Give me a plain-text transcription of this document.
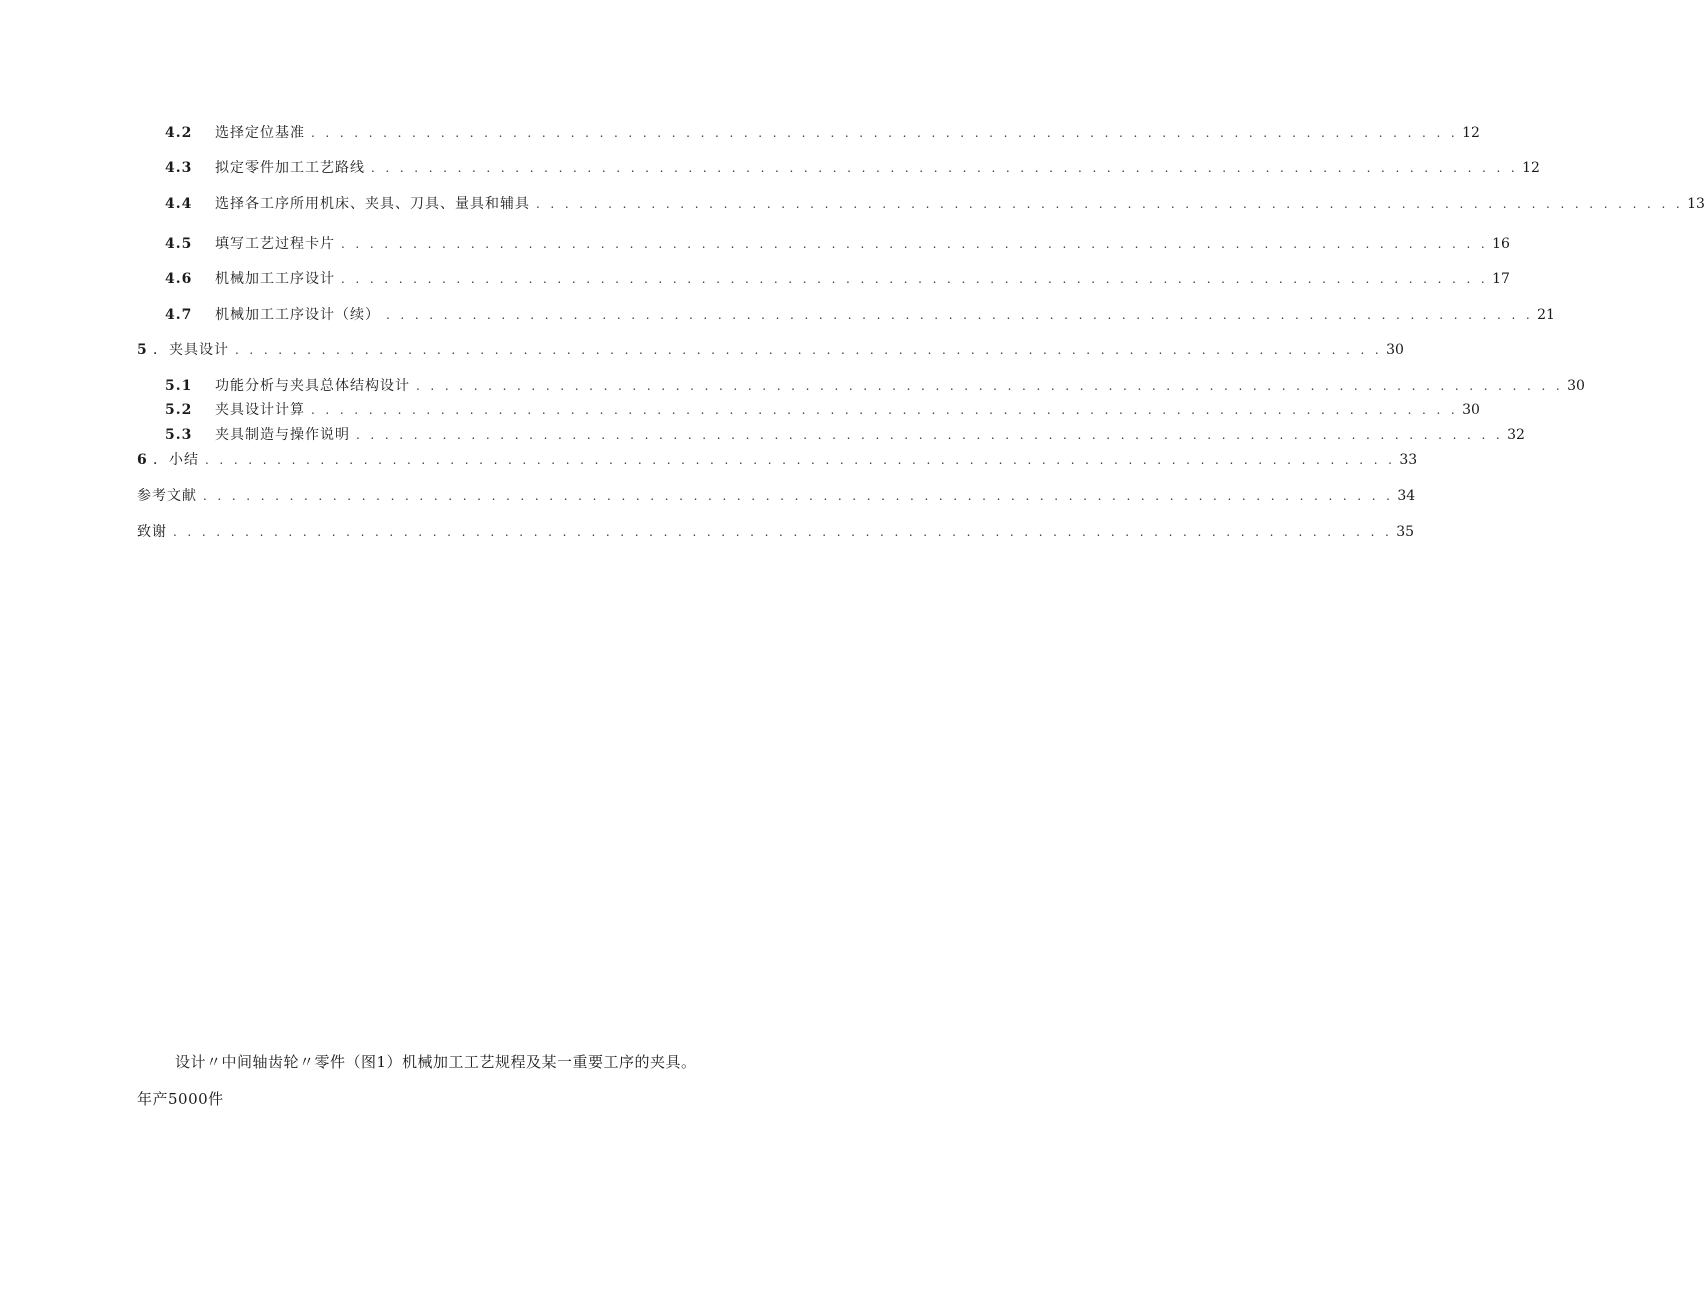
4.2	选择定位基准 . . . . . . . . . . . . . . . . . . . . . . . . . . . . . . . . . . . . . . . . . . . . . . . . . . . . . . . . . . . . . . . . . . . . . . . . . . . . . . . . 12
4.3	拟定零件加工工艺路线 . . . . . . . . . . . . . . . . . . . . . . . . . . . . . . . . . . . . . . . . . . . . . . . . . . . . . . . . . . . . . . . . . . . . . . . . . . . . . . . . 12
4.4	选择各工序所用机床、夹具、刀具、量具和辅具 . . . . . . . . . . . . . . . . . . . . . . . . . . . . . . . . . . . . . . . . . . . . . . . . . . . . . . . . . . . . . . . . . . . . . . . . . . . . . . . . 13
4.5	填写工艺过程卡片 . . . . . . . . . . . . . . . . . . . . . . . . . . . . . . . . . . . . . . . . . . . . . . . . . . . . . . . . . . . . . . . . . . . . . . . . . . . . . . . . 16
4.6	机械加工工序设计 . . . . . . . . . . . . . . . . . . . . . . . . . . . . . . . . . . . . . . . . . . . . . . . . . . . . . . . . . . . . . . . . . . . . . . . . . . . . . . . . 17
4.7	机械加工工序设计（续） . . . . . . . . . . . . . . . . . . . . . . . . . . . . . . . . . . . . . . . . . . . . . . . . . . . . . . . . . . . . . . . . . . . . . . . . . . . . . . . . 21
5 ． 夹具设计 . . . . . . . . . . . . . . . . . . . . . . . . . . . . . . . . . . . . . . . . . . . . . . . . . . . . . . . . . . . . . . . . . . . . . . . . . . . . . . . . 30
5.1	功能分析与夹具总体结构设计 . . . . . . . . . . . . . . . . . . . . . . . . . . . . . . . . . . . . . . . . . . . . . . . . . . . . . . . . . . . . . . . . . . . . . . . . . . . . . . . . 30
5.2	夹具设计计算 . . . . . . . . . . . . . . . . . . . . . . . . . . . . . . . . . . . . . . . . . . . . . . . . . . . . . . . . . . . . . . . . . . . . . . . . . . . . . . . . 30
5.3	夹具制造与操作说明 . . . . . . . . . . . . . . . . . . . . . . . . . . . . . . . . . . . . . . . . . . . . . . . . . . . . . . . . . . . . . . . . . . . . . . . . . . . . . . . . 32
6 ． 小结 . . . . . . . . . . . . . . . . . . . . . . . . . . . . . . . . . . . . . . . . . . . . . . . . . . . . . . . . . . . . . . . . . . . . . . . . . . . . . . . . . . . 33
参考文献 . . . . . . . . . . . . . . . . . . . . . . . . . . . . . . . . . . . . . . . . . . . . . . . . . . . . . . . . . . . . . . . . . . . . . . . . . . . . . . . . . . . 34
致谢 . . . . . . . . . . . . . . . . . . . . . . . . . . . . . . . . . . . . . . . . . . . . . . . . . . . . . . . . . . . . . . . . . . . . . . . . . . . . . . . . . . . . . 35
设计〃中间轴齿轮〃零件（图1）机械加工工艺规程及某一重要工序的夹具。
年产5000件
